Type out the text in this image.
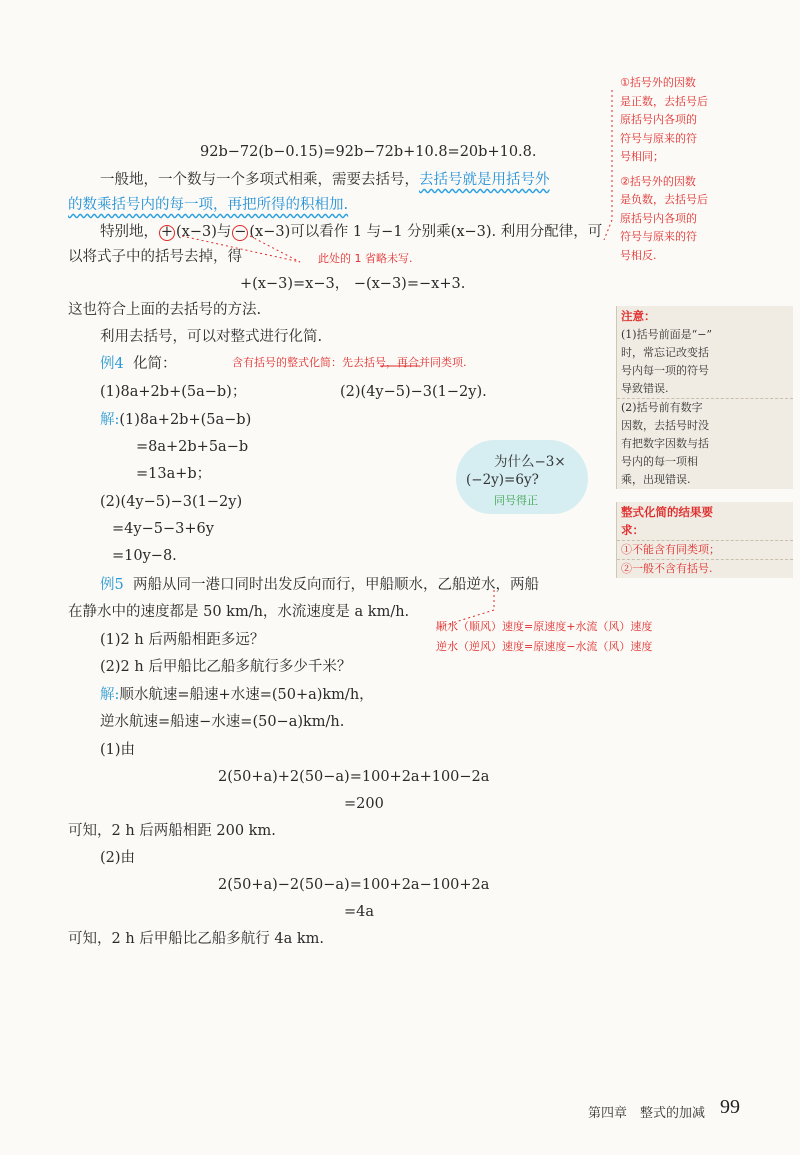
92b−72(b−0.15)=92b−72b+10.8=20b+10.8.
一般地，一个数与一个多项式相乘，需要去括号，去括号就是用括号外
的数乘括号内的每一项，再把所得的积相加.
特别地， + (x−3)与 − (x−3)可以看作 1 与−1 分别乘(x−3). 利用分配律，可
以将式子中的括号去掉，得	此处的 1 省略未写.
+(x−3)=x−3， −(x−3)=−x+3.
这也符合上面的去括号的方法.
利用去括号，可以对整式进行化简.
例4 化简：	含有括号的整式化简：先去括号，再合并同类项.
(1)8a+2b+(5a−b)；	(2)(4y−5)−3(1−2y).
解:(1)8a+2b+(5a−b)
=8a+2b+5a−b
=13a+b；
(2)(4y−5)−3(1−2y)
=4y−5−3+6y
=10y−8.
为什么−3×
(−2y)=6y?
同号得正
例5 两船从同一港口同时出发反向而行，甲船顺水，乙船逆水，两船
在静水中的速度都是 50 km/h，水流速度是 a km/h.
顺水（顺风）速度=原速度+水流（风）速度
逆水（逆风）速度=原速度−水流（风）速度
(1)2 h 后两船相距多远？
(2)2 h 后甲船比乙船多航行多少千米？
解:顺水航速=船速+水速=(50+a)km/h，
逆水航速=船速−水速=(50−a)km/h.
(1)由
2(50+a)+2(50−a)=100+2a+100−2a
=200
可知，2 h 后两船相距 200 km.
(2)由
2(50+a)−2(50−a)=100+2a−100+2a
=4a
可知，2 h 后甲船比乙船多航行 4a km.
①括号外的因数
是正数，去括号后
原括号内各项的
符号与原来的符
号相同；
②括号外的因数
是负数，去括号后
原括号内各项的
符号与原来的符
号相反.
注意：
(1)括号前面是“−”
时，常忘记改变括
号内每一项的符号
导致错误.
(2)括号前有数字
因数，去括号时没
有把数字因数与括
号内的每一项相
乘，出现错误.
整式化简的结果要
求：
①不能含有同类项；
②一般不含有括号.
第四章　整式的加减 99
